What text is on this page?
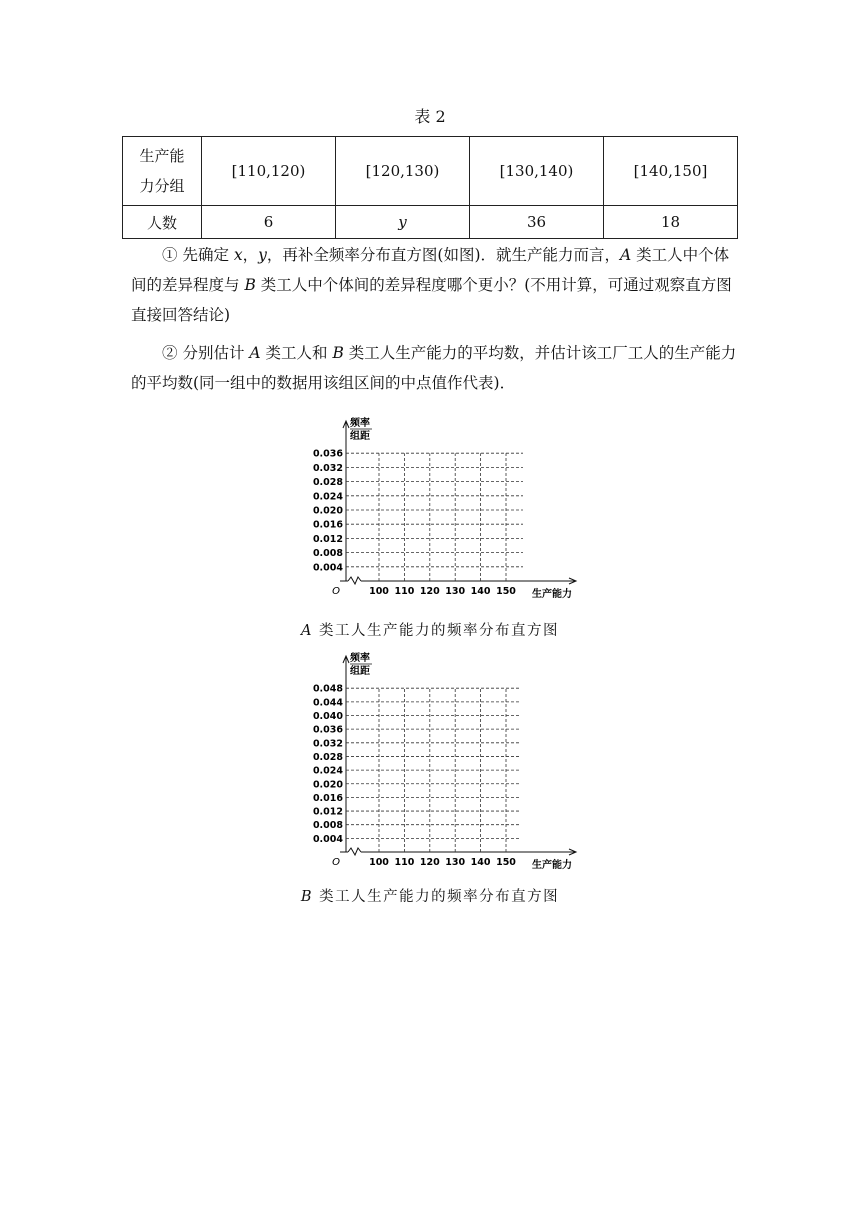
表 2
生产能
力分组	[110,120)	[120,130)	[130,140)	[140,150]
人数	6	y	36	18

① 先确定 x，y，再补全频率分布直方图(如图)．就生产能力而言，A 类工人中个体间的差异程度与 B 类工人中个体间的差异程度哪个更小？(不用计算，可通过观察直方图直接回答结论)

② 分别估计 A 类工人和 B 类工人生产能力的平均数，并估计该工厂工人的生产能力的平均数(同一组中的数据用该组区间的中点值作代表)．

频率
组距
0.004
0.008
0.012
0.016
0.020
0.024
0.028
0.032
0.036
100 110 120 130 140 150
O	生产能力
A 类工人生产能力的频率分布直方图
频率
组距
0.004
0.008
0.012
0.016
0.020
0.024
0.028
0.032
0.036
0.040
0.044
0.048
100 110 120 130 140 150
O	生产能力
B 类工人生产能力的频率分布直方图
